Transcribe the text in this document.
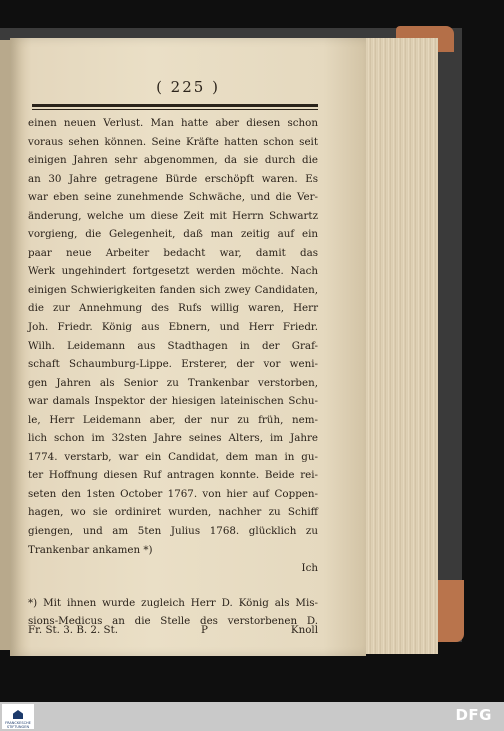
( 225 )
einen neuen Verlust. Man hatte aber diesen schon
voraus sehen können. Seine Kräfte hatten schon seit
einigen Jahren sehr abgenommen, da sie durch die
an 30 Jahre getragene Bürde erschöpft waren. Es
war eben seine zunehmende Schwäche, und die Ver-
änderung, welche um diese Zeit mit Herrn Schwartz
vorgieng, die Gelegenheit, daß man zeitig auf ein
paar neue Arbeiter bedacht war, damit das
Werk ungehindert fortgesetzt werden möchte. Nach
einigen Schwierigkeiten fanden sich zwey Candidaten,
die zur Annehmung des Rufs willig waren, Herr
Joh. Friedr. König aus Ebnern, und Herr Friedr.
Wilh. Leidemann aus Stadthagen in der Graf-
schaft Schaumburg-Lippe. Ersterer, der vor weni-
gen Jahren als Senior zu Trankenbar verstorben,
war damals Inspektor der hiesigen lateinischen Schu-
le, Herr Leidemann aber, der nur zu früh, nem-
lich schon im 32sten Jahre seines Alters, im Jahre
1774. verstarb, war ein Candidat, dem man in gu-
ter Hoffnung diesen Ruf antragen konnte. Beide rei-
seten den 1sten October 1767. von hier auf Coppen-
hagen, wo sie ordiniret wurden, nachher zu Schiff
giengen, und am 5ten Julius 1768. glücklich zu
Trankenbar ankamen *)
Ich
*) Mit ihnen wurde zugleich Herr D. König als Mis-
sions-Medicus an die Stelle des verstorbenen D.
Fr. St. 3. B. 2. St.	P	Knoll
FRANCKESCHE STIFTUNGEN
DFG
